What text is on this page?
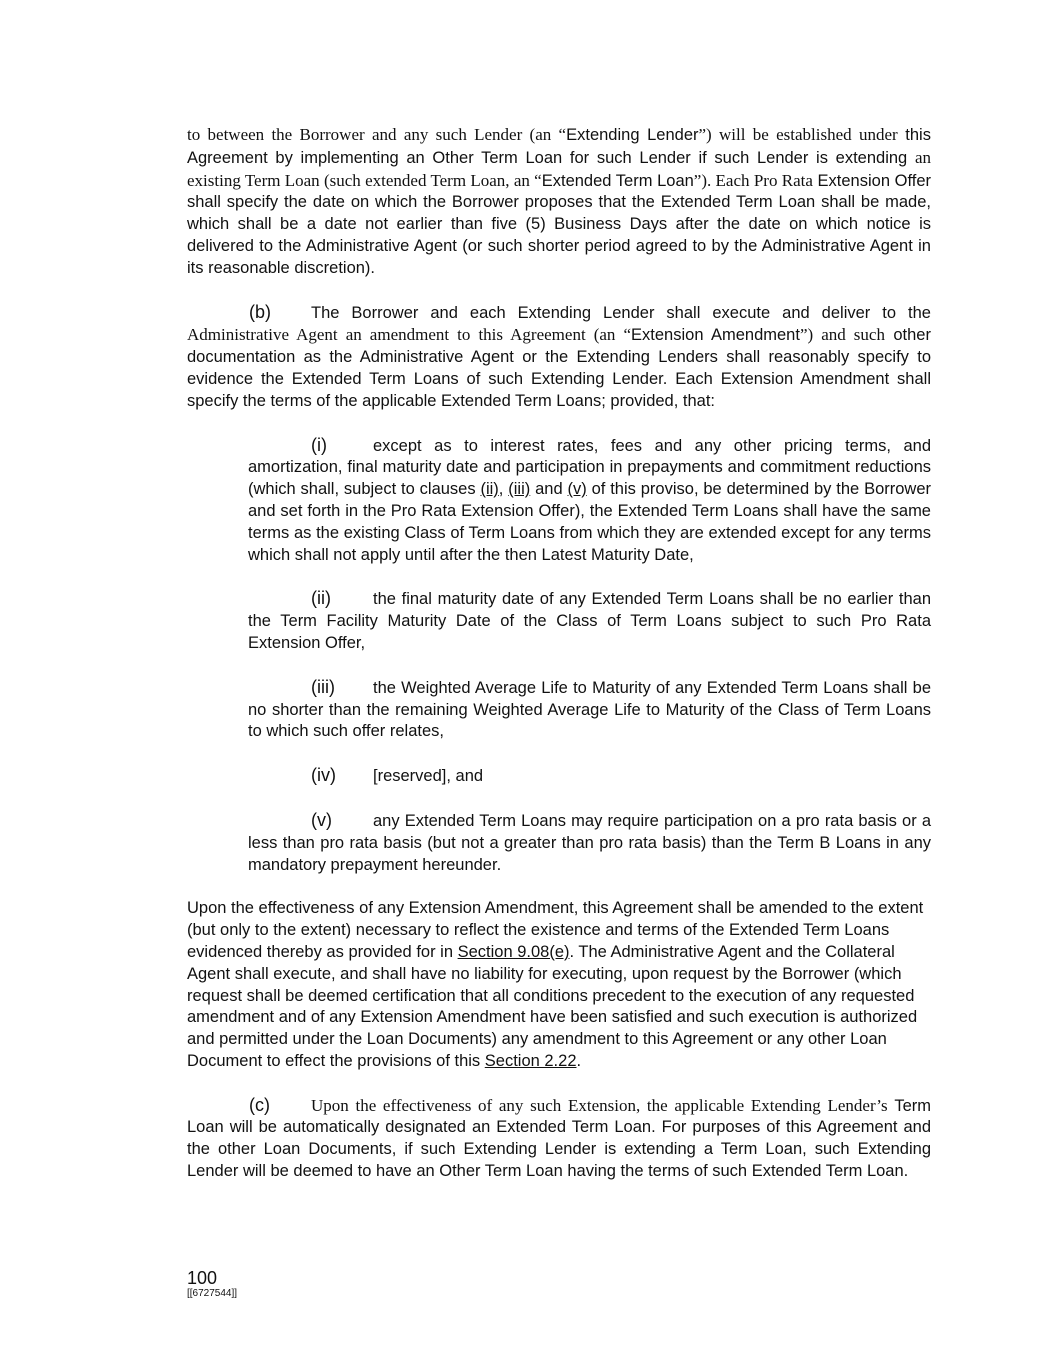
to between the Borrower and any such Lender (an “Extending Lender”) will be established under this Agreement by implementing an Other Term Loan for such Lender if such Lender is extending an existing Term Loan (such extended Term Loan, an “Extended Term Loan”). Each Pro Rata Extension Offer shall specify the date on which the Borrower proposes that the Extended Term Loan shall be made, which shall be a date not earlier than five (5) Business Days after the date on which notice is delivered to the Administrative Agent (or such shorter period agreed to by the Administrative Agent in its reasonable discretion).

(b) The Borrower and each Extending Lender shall execute and deliver to the Administrative Agent an amendment to this Agreement (an “Extension Amendment”) and such other documentation as the Administrative Agent or the Extending Lenders shall reasonably specify to evidence the Extended Term Loans of such Extending Lender. Each Extension Amendment shall specify the terms of the applicable Extended Term Loans; provided, that:

(i)	except as to interest rates, fees and any other pricing terms, and amortization, final maturity date and participation in prepayments and commitment reductions (which shall, subject to clauses (ii), (iii) and (v) of this proviso, be determined by the Borrower and set forth in the Pro Rata Extension Offer), the Extended Term Loans shall have the same terms as the existing Class of Term Loans from which they are extended except for any terms which shall not apply until after the then Latest Maturity Date,

(ii)	the final maturity date of any Extended Term Loans shall be no earlier than the Term Facility Maturity Date of the Class of Term Loans subject to such Pro Rata Extension Offer,

(iii) the Weighted Average Life to Maturity of any Extended Term Loans shall be no shorter than the remaining Weighted Average Life to Maturity of the Class of Term Loans to which such offer relates,

(iv) [reserved], and

(v) any Extended Term Loans may require participation on a pro rata basis or a less than pro rata basis (but not a greater than pro rata basis) than the Term B Loans in any mandatory prepayment hereunder.

Upon the effectiveness of any Extension Amendment, this Agreement shall be amended to the extent (but only to the extent) necessary to reflect the existence and terms of the Extended Term Loans evidenced thereby as provided for in Section 9.08(e). The Administrative Agent and the Collateral Agent shall execute, and shall have no liability for executing, upon request by the Borrower (which request shall be deemed certification that all conditions precedent to the execution of any requested amendment and of any Extension Amendment have been satisfied and such execution is authorized and permitted under the Loan Documents) any amendment to this Agreement or any other Loan Document to effect the provisions of this Section 2.22.

(c) Upon the effectiveness of any such Extension, the applicable Extending Lender’s Term Loan will be automatically designated an Extended Term Loan. For purposes of this Agreement and the other Loan Documents, if such Extending Lender is extending a Term Loan, such Extending Lender will be deemed to have an Other Term Loan having the terms of such Extended Term Loan.

100
[[6727544]]
